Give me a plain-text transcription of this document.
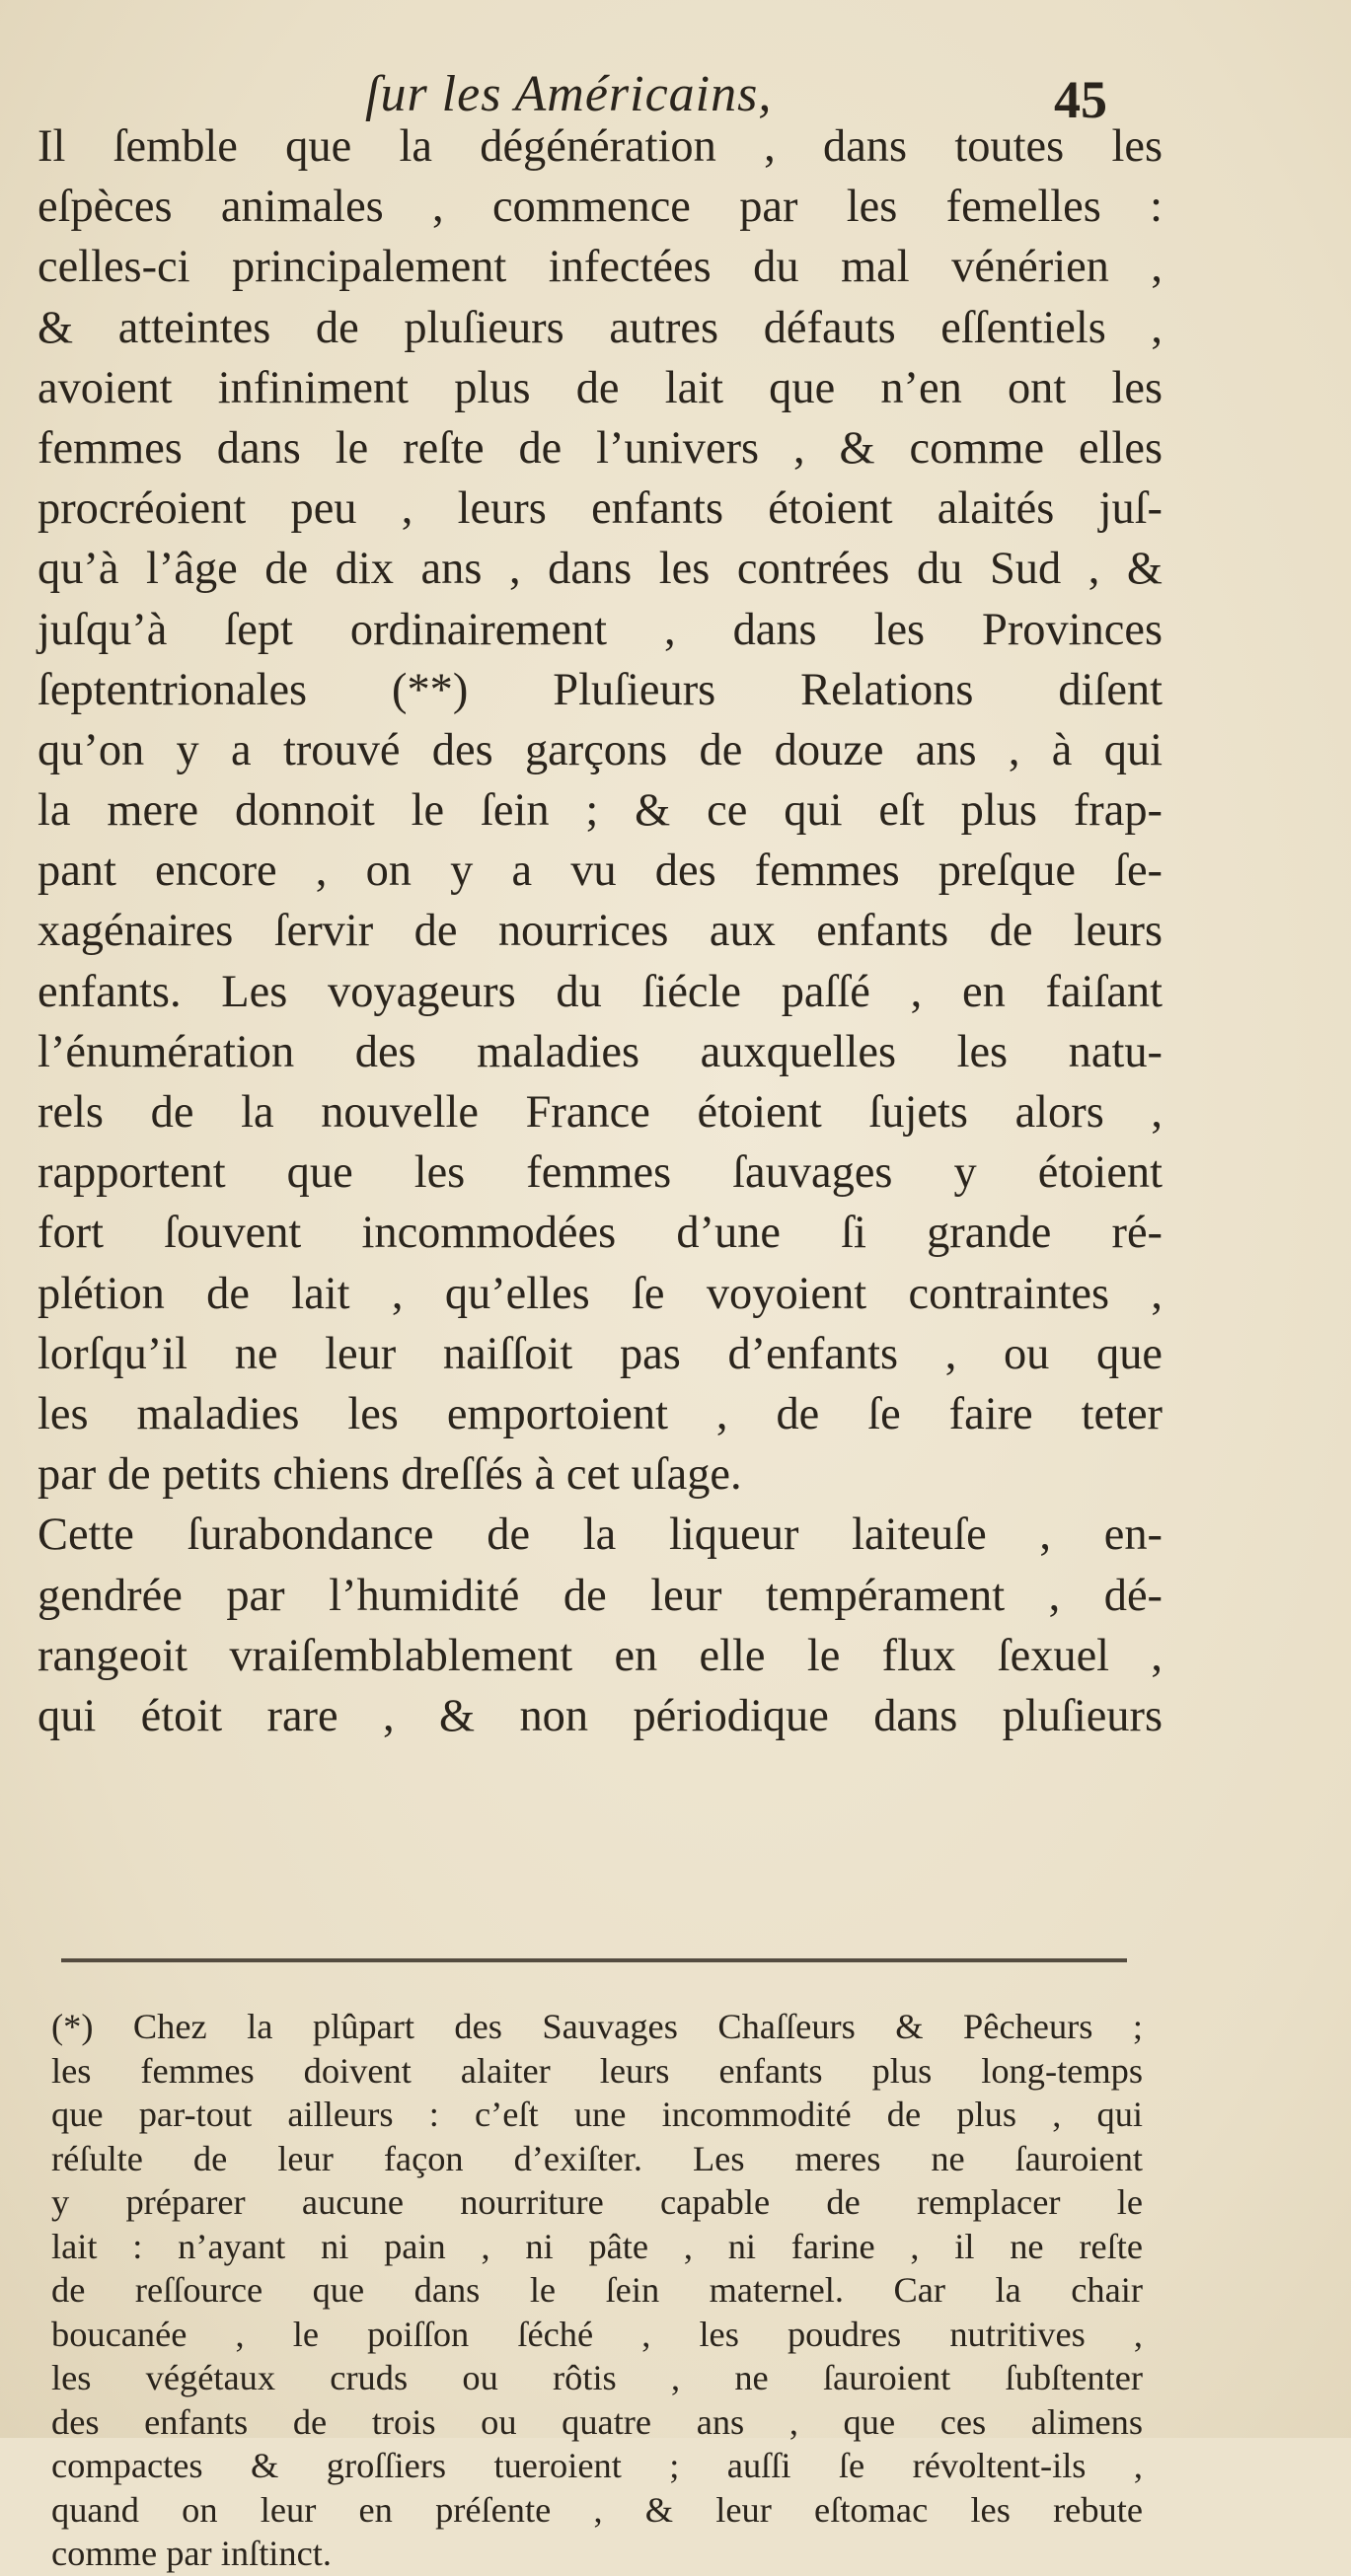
ſur les Américains,	45
Il ſemble que la dégénération , dans toutes les
eſpèces animales , commence par les femelles :
celles-ci principalement infectées du mal vénérien ,
& atteintes de pluſieurs autres défauts eſſentiels ,
avoient infiniment plus de lait que n’en ont les
femmes dans le reſte de l’univers , & comme elles
procréoient peu , leurs enfants étoient alaités juſ-
qu’à l’âge de dix ans , dans les contrées du Sud , &
juſqu’à ſept ordinairement , dans les Provinces
ſeptentrionales (**) Pluſieurs Relations diſent
qu’on y a trouvé des garçons de douze ans , à qui
la mere donnoit le ſein ; & ce qui eſt plus frap-
pant encore , on y a vu des femmes preſque ſe-
xagénaires ſervir de nourrices aux enfants de leurs
enfants. Les voyageurs du ſiécle paſſé , en faiſant
l’énumération des maladies auxquelles les natu-
rels de la nouvelle France étoient ſujets alors ,
rapportent que les femmes ſauvages y étoient
fort ſouvent incommodées d’une ſi grande ré-
plétion de lait , qu’elles ſe voyoient contraintes ,
lorſqu’il ne leur naiſſoit pas d’enfants , ou que
les maladies les emportoient , de ſe faire teter
par de petits chiens dreſſés à cet uſage.
Cette ſurabondance de la liqueur laiteuſe , en-
gendrée par l’humidité de leur tempérament , dé-
rangeoit vraiſemblablement en elle le flux ſexuel ,
qui étoit rare , & non périodique dans pluſieurs
(*) Chez la plûpart des Sauvages Chaſſeurs & Pêcheurs ;
les femmes doivent alaiter leurs enfants plus long-temps
que par-tout ailleurs : c’eſt une incommodité de plus , qui
réſulte de leur façon d’exiſter. Les meres ne ſauroient
y préparer aucune nourriture capable de remplacer le
lait : n’ayant ni pain , ni pâte , ni farine , il ne reſte
de reſſource que dans le ſein maternel. Car la chair
boucanée , le poiſſon ſéché , les poudres nutritives ,
les végétaux cruds ou rôtis , ne ſauroient ſubſtenter
des enfants de trois ou quatre ans , que ces alimens
compactes & groſſiers tueroient ; auſſi ſe révoltent-ils ,
quand on leur en préſente , & leur eſtomac les rebute
comme par inſtinct.
